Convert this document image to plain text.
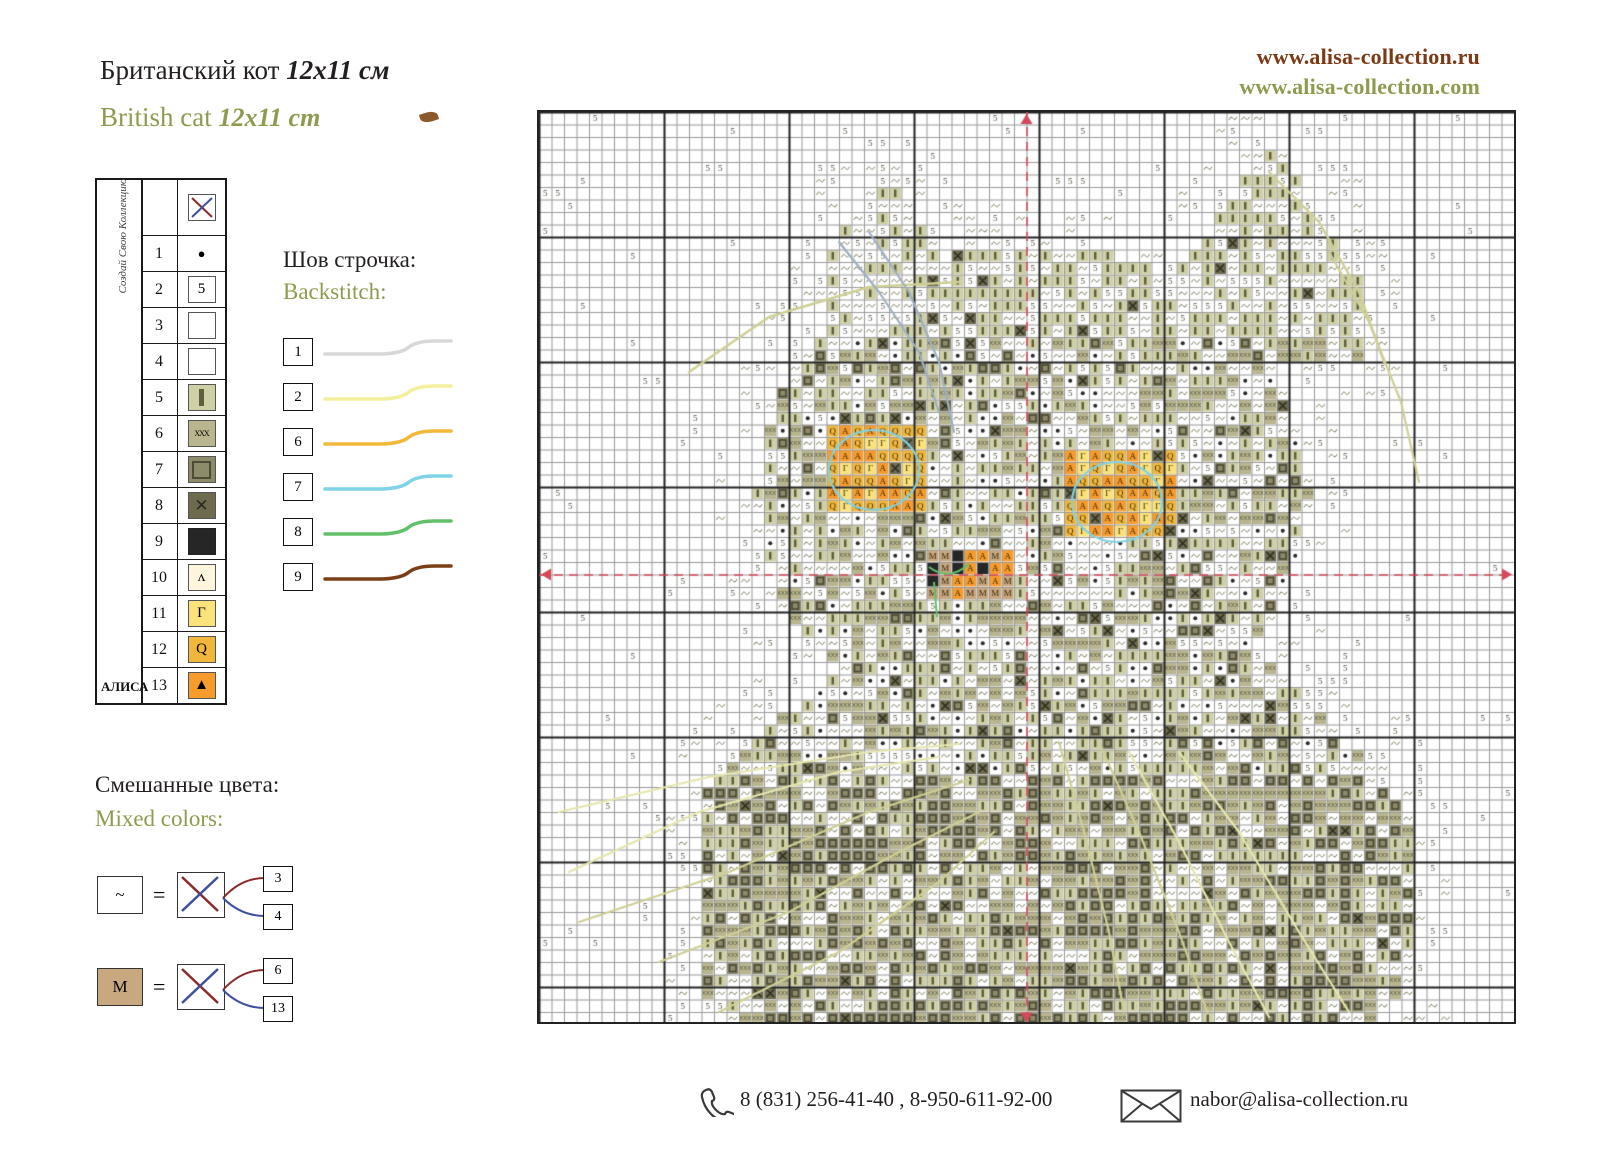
Британский кот 12x11 см
British cat 12x11 cm
www.alisa-collection.ru
www.alisa-collection.com
Создай Свою Коллекцию
АЛИСА
1	●
2	5
3
4
5
6	XXX
7
8	✕
9
10	ʌ
11	Г
12	Q
13	▲
Шов строчка:
Backstitch:
Смешанные цвета:
Mixed colors:
8 (831) 256-41-40 , 8-950-611-92-00	nabor@alisa-collection.ru
1
2
6
7
8
9
~	=
3
4
M	=
6
13
